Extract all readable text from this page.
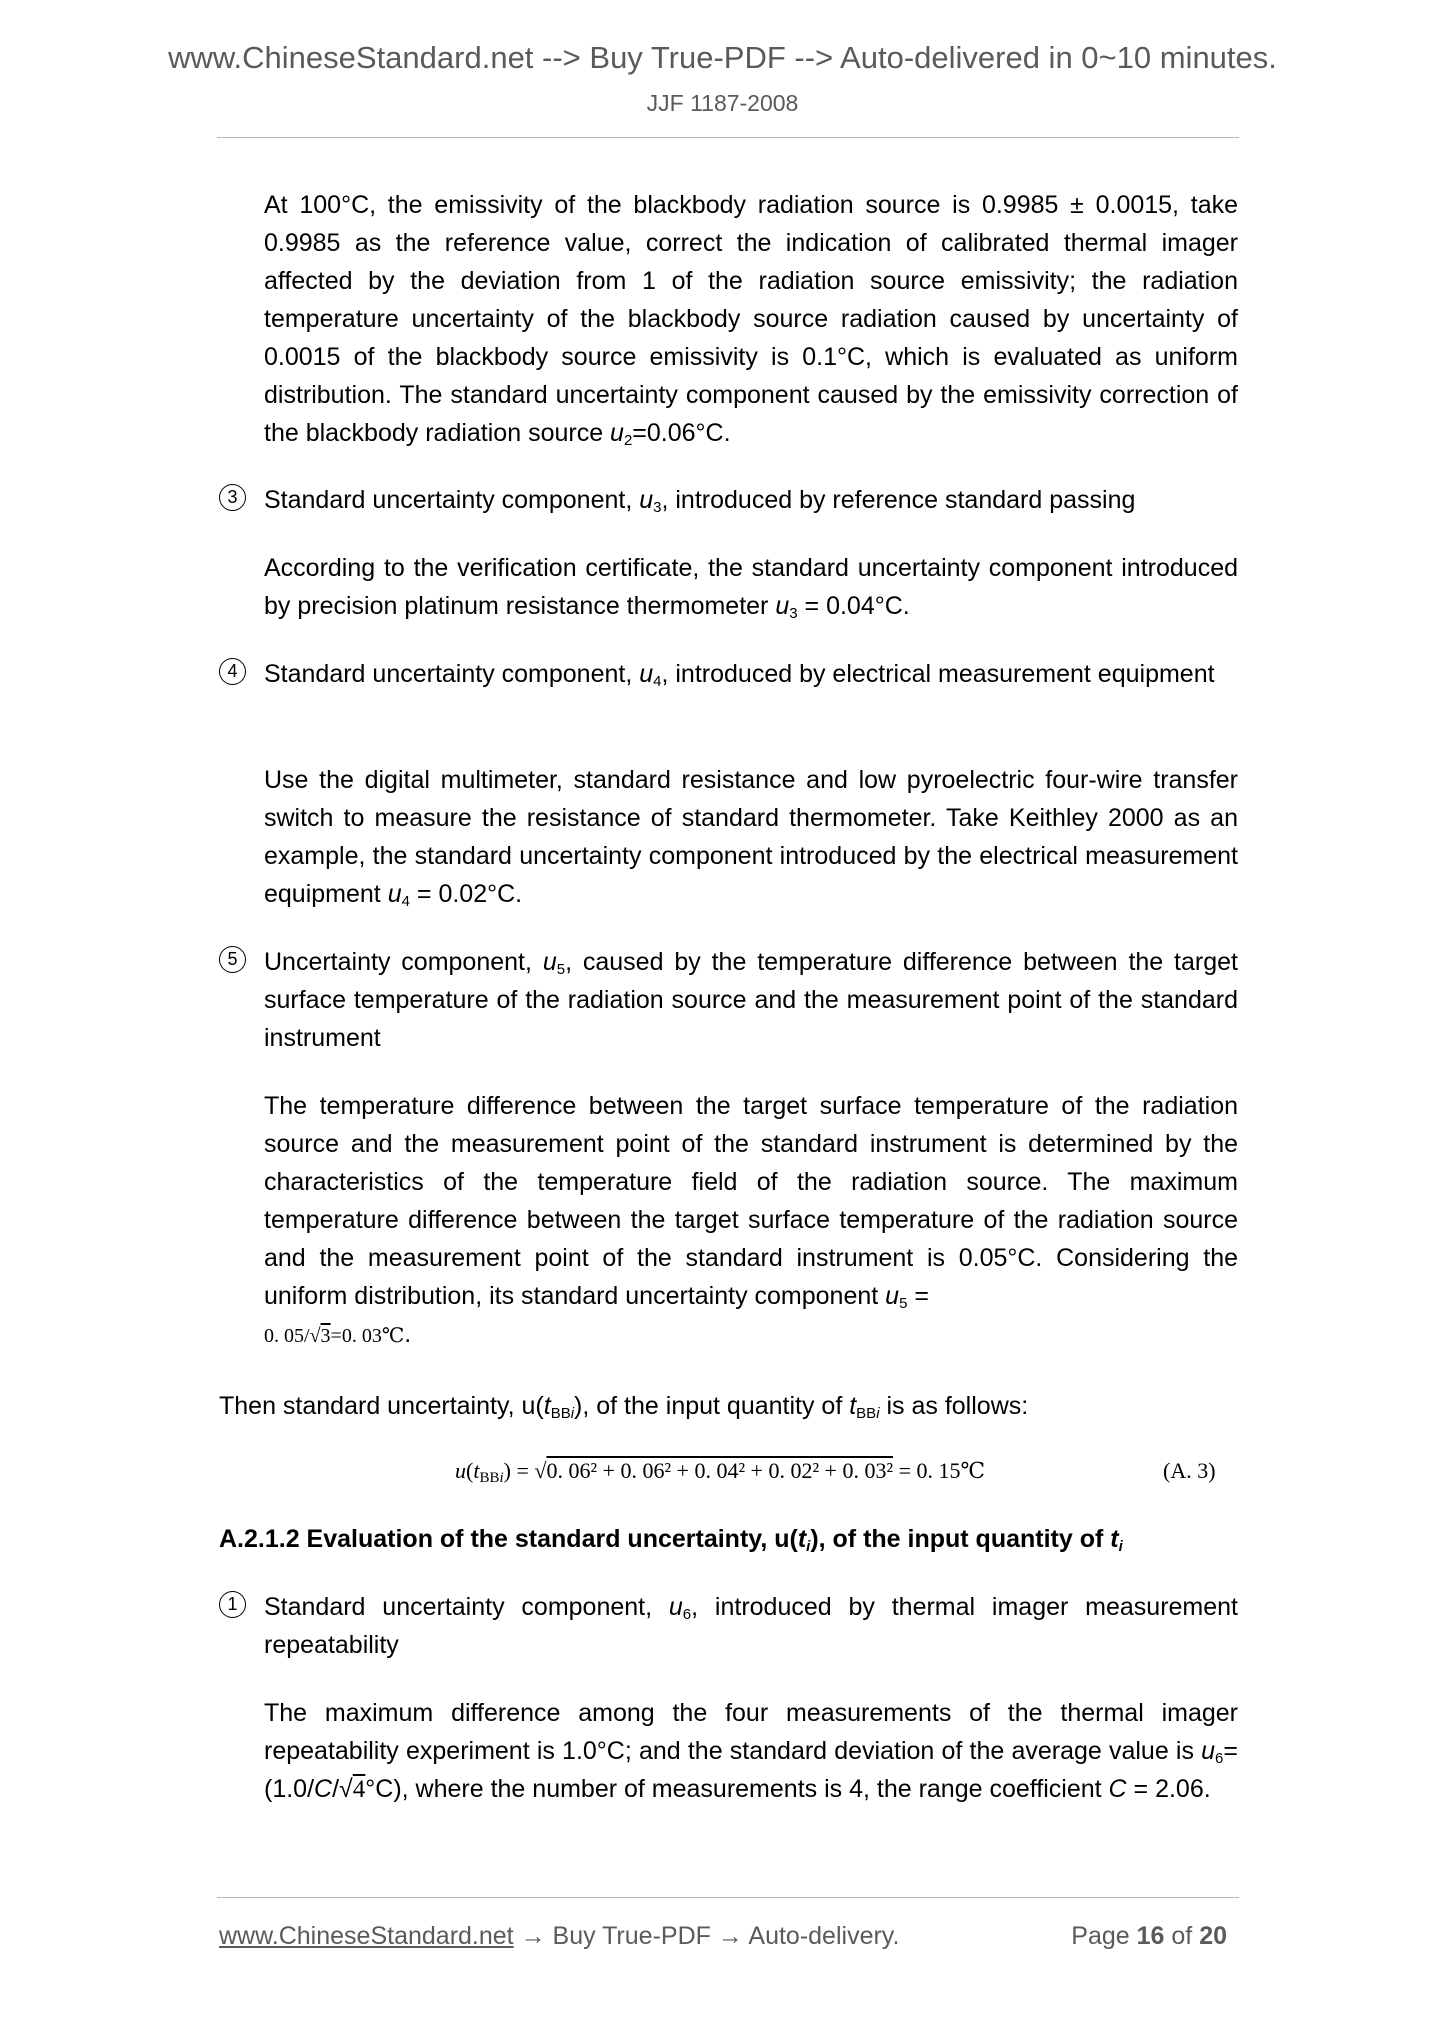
www.ChineseStandard.net --> Buy True-PDF --> Auto-delivered in 0~10 minutes.
JJF 1187-2008

At 100°C, the emissivity of the blackbody radiation source is 0.9985 ± 0.0015, take 0.9985 as the reference value, correct the indication of calibrated thermal imager affected by the deviation from 1 of the radiation source emissivity; the radiation temperature uncertainty of the blackbody source radiation caused by uncertainty of 0.0015 of the blackbody source emissivity is 0.1°C, which is evaluated as uniform distribution. The standard uncertainty component caused by the emissivity correction of the blackbody radiation source $u_2=0.06^\circ C$.

3	Standard uncertainty component, $u_3$, introduced by reference standard passing

According to the verification certificate, the standard uncertainty component introduced by precision platinum resistance thermometer $u_3 = 0.04^\circ C$.

4	Standard uncertainty component, $u_4$, introduced by electrical measurement equipment

Use the digital multimeter, standard resistance and low pyroelectric four-wire transfer switch to measure the resistance of standard thermometer. Take Keithley 2000 as an example, the standard uncertainty component introduced by the electrical measurement equipment $u_4 = 0.02^\circ C$.

5	Uncertainty component, $u_5$, caused by the temperature difference between the target surface temperature of the radiation source and the measurement point of the standard instrument

The temperature difference between the target surface temperature of the radiation source and the measurement point of the standard instrument is determined by the characteristics of the temperature field of the radiation source. The maximum temperature difference between the target surface temperature of the radiation source and the measurement point of the standard instrument is 0.05°C. Considering the uniform distribution, its standard uncertainty component $u_5$ =
0. 05/√3=0. 03℃.

Then standard uncertainty, $u(t_{BBi})$, of the input quantity of $t_{BBi}$ is as follows:

$u(t_{BBi}) = √0$. 06² + 0. 06² + 0. 04² + 0. 02² + 0. 03² = 0. 15℃	(A. 3)

A.2.1.2 Evaluation of the standard uncertainty, $u(t_i)$, of the input quantity of $t_i$

1	Standard uncertainty component, $u_6$, introduced by thermal imager measurement repeatability

The maximum difference among the four measurements of the thermal imager repeatability experiment is 1.0°C; and the standard deviation of the average value is $u_6=(1.0/C/√4^\circ C)$, where the number of measurements is 4, the range coefficient C = 2.06.

www.ChineseStandard.net → Buy True-PDF → Auto-delivery.	Page 16 of 20
